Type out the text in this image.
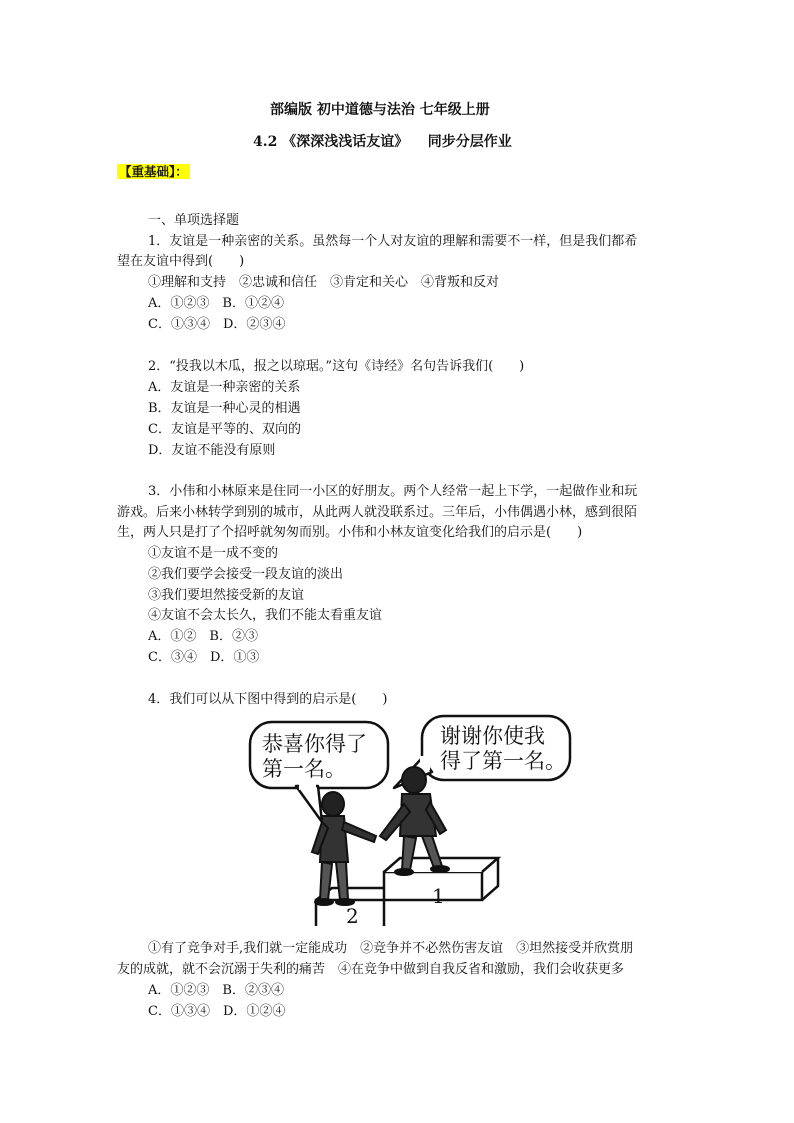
部编版 初中道德与法治 七年级上册
4.2 《深深浅浅话友谊》    同步分层作业
【重基础】：
一、单项选择题
1．友谊是一种亲密的关系。虽然每一个人对友谊的理解和需要不一样，但是我们都希
望在友谊中得到(　　)
①理解和支持　②忠诚和信任　③肯定和关心　④背叛和反对
A．①②③　B．①②④
C．①③④　D．②③④
2．“投我以木瓜，报之以琼琚。”这句《诗经》名句告诉我们(　　)
A．友谊是一种亲密的关系
B．友谊是一种心灵的相遇
C．友谊是平等的、双向的
D．友谊不能没有原则
3．小伟和小林原来是住同一小区的好朋友。两个人经常一起上下学，一起做作业和玩
游戏。后来小林转学到别的城市，从此两人就没联系过。三年后，小伟偶遇小林，感到很陌
生，两人只是打了个招呼就匆匆而别。小伟和小林友谊变化给我们的启示是(　　)
①友谊不是一成不变的
②我们要学会接受一段友谊的淡出
③我们要坦然接受新的友谊
④友谊不会太长久，我们不能太看重友谊
A．①②　B．②③
C．③④　D．①③
4．我们可以从下图中得到的启示是(　　)
恭喜你得了
第一名。
谢谢你使我
得了第一名。
1
2
①有了竞争对手,我们就一定能成功　②竞争并不必然伤害友谊　③坦然接受并欣赏朋
友的成就，就不会沉溺于失利的痛苦　④在竞争中做到自我反省和激励，我们会收获更多
A．①②③　B．②③④
C．①③④　D．①②④
